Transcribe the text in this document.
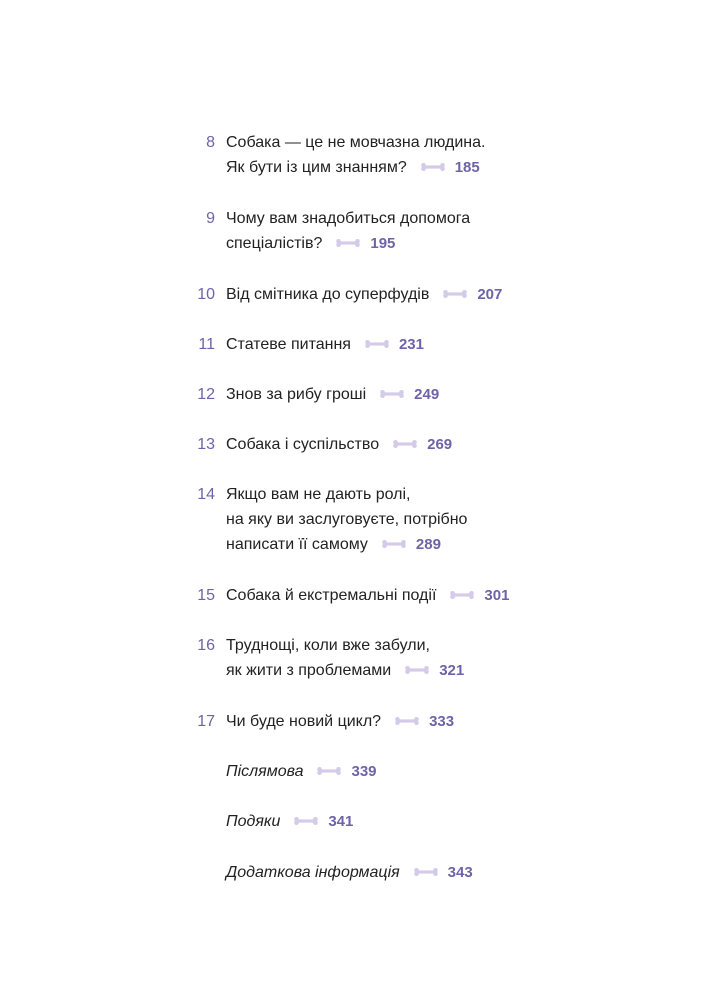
8 Собака — це не мовчазна людина.
Як бути із цим знанням?	185
9 Чому вам знадобиться допомога
спеціалістів?	195
10 Від смітника до суперфудів	207
11 Статеве питання	231
12 Знов за рибу гроші	249
13 Собака і суспільство	269
14 Якщо вам не дають ролі,
на яку ви заслуговуєте, потрібно
написати її самому	289
15 Собака й екстремальні події	301
16 Труднощі, коли вже забули,
як жити з проблемами	321
17 Чи буде новий цикл?	333
Післямова	339
Подяки	341
Додаткова інформація	343
